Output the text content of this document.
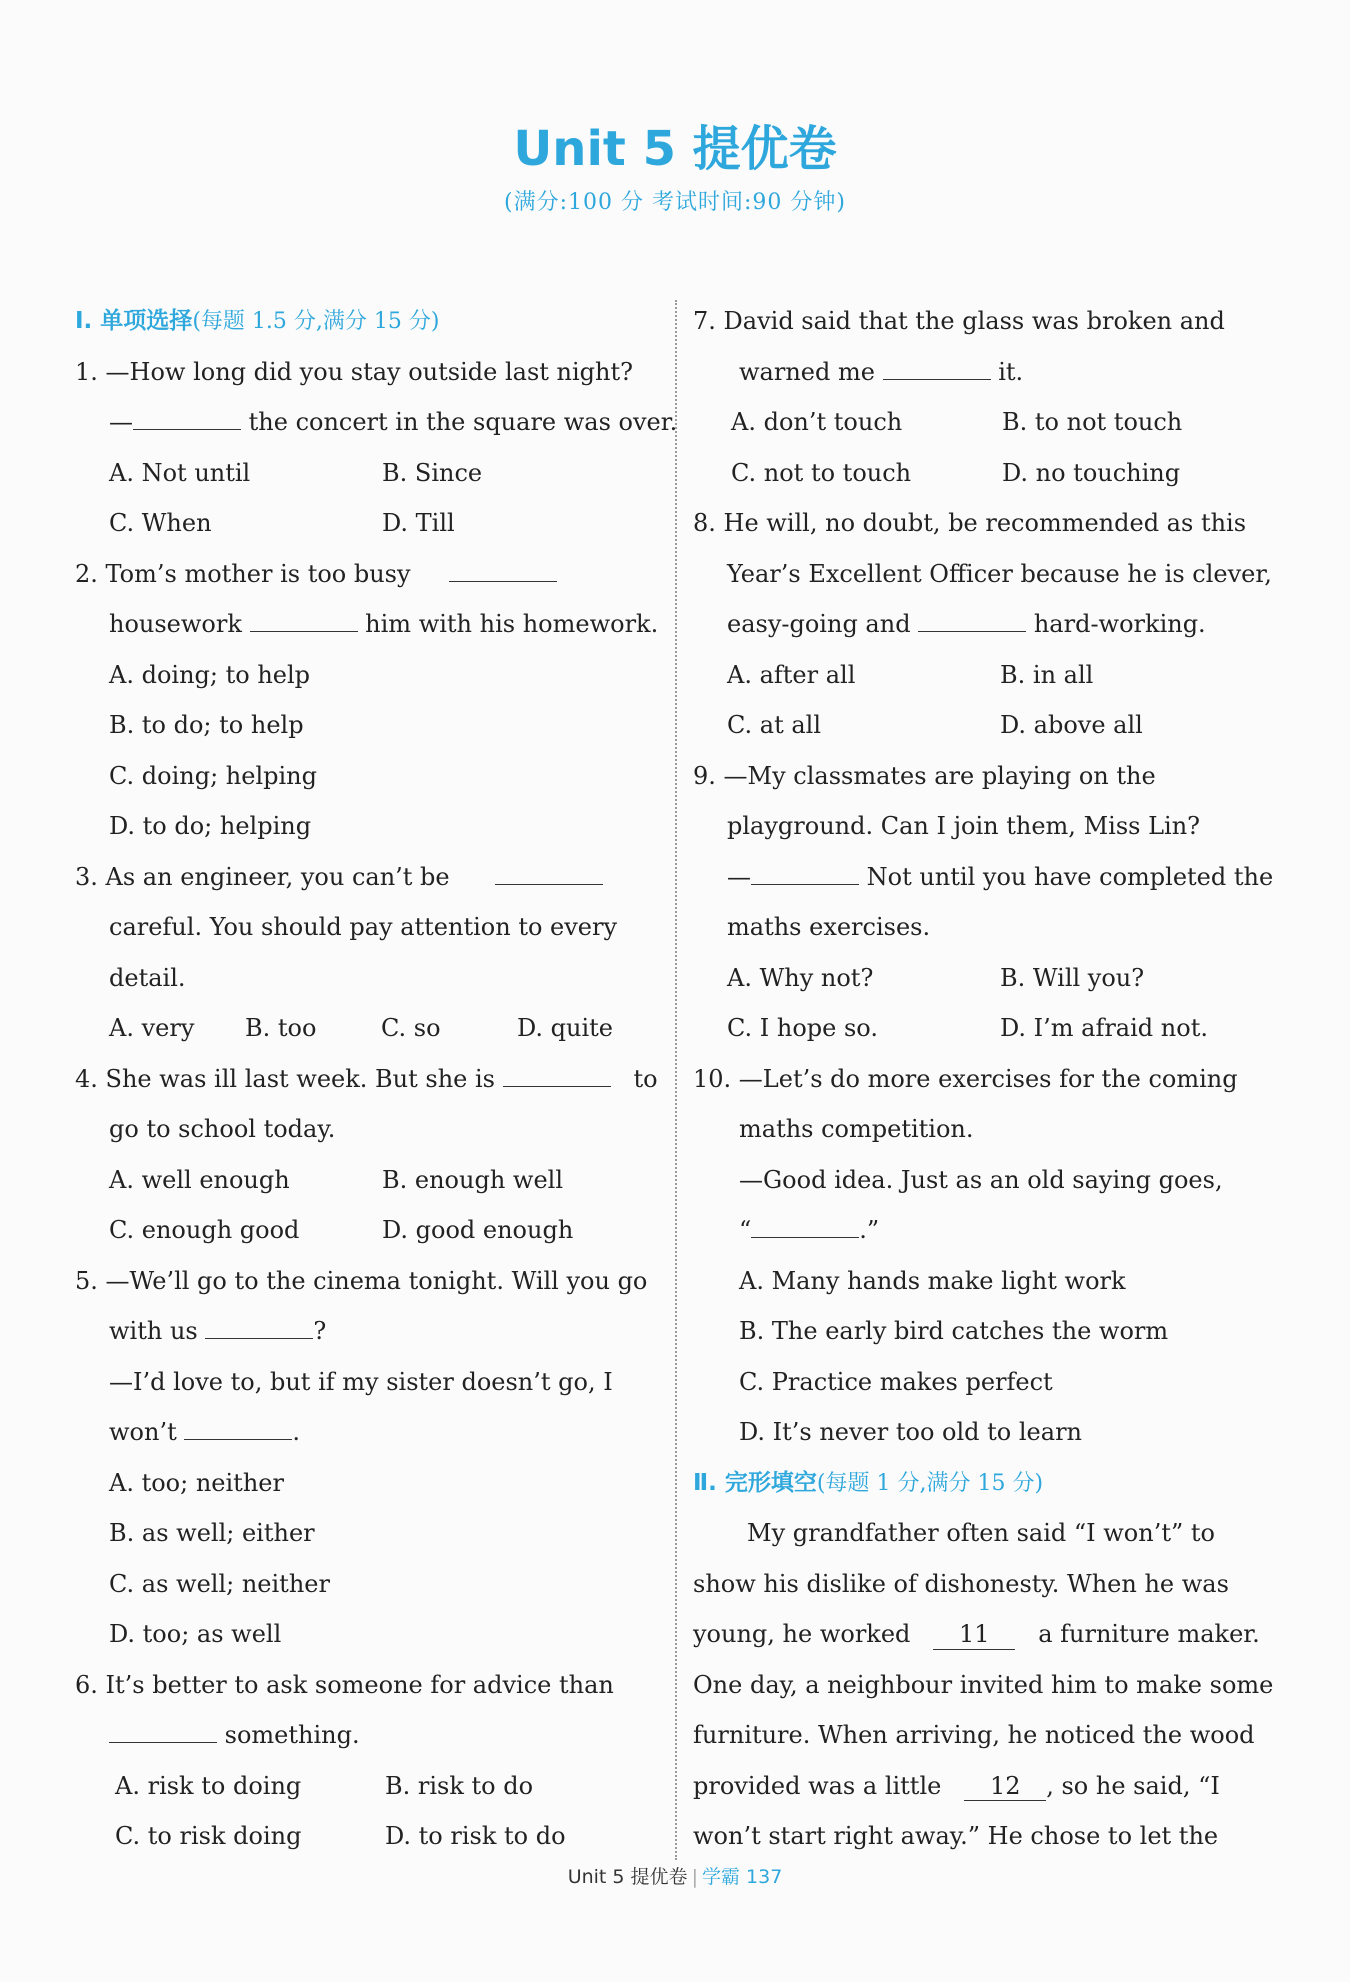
Unit 5 提优卷
(满分:100 分 考试时间:90 分钟)
Ⅰ. 单项选择(每题 1.5 分,满分 15 分)
1. —How long did you stay outside last night?
—	the concert in the square was over.
A. Not until	B. Since
C. When	D. Till
2. Tom’s mother is too busy
housework	him with his homework.
A. doing; to help
B. to do; to help
C. doing; helping
D. to do; helping
3. As an engineer, you can’t be
careful. You should pay attention to every
detail.
A. very	B. too	C. so	D. quite
4. She was ill last week. But she is	to
go to school today.
A. well enough	B. enough well
C. enough good	D. good enough
5. —We’ll go to the cinema tonight. Will you go
with us	?
—I’d love to, but if my sister doesn’t go, I
won’t	.
A. too; neither
B. as well; either
C. as well; neither
D. too; as well
6. It’s better to ask someone for advice than
something.
A. risk to doing	B. risk to do
C. to risk doing	D. to risk to do
7. David said that the glass was broken and
warned me	it.
A. don’t touch	B. to not touch
C. not to touch	D. no touching
8. He will, no doubt, be recommended as this
Year’s Excellent Officer because he is clever,
easy-going and	hard-working.
A. after all	B. in all
C. at all	D. above all
9. —My classmates are playing on the
playground. Can I join them, Miss Lin?
—	Not until you have completed the
maths exercises.
A. Why not?	B. Will you?
C. I hope so.	D. I’m afraid not.
10. —Let’s do more exercises for the coming
maths competition.
—Good idea. Just as an old saying goes,
“	.”
A. Many hands make light work
B. The early bird catches the worm
C. Practice makes perfect
D. It’s never too old to learn
Ⅱ. 完形填空(每题 1 分,满分 15 分)
My grandfather often said “I won’t” to
show his dislike of dishonesty. When he was
young, he worked 11 a furniture maker.
One day, a neighbour invited him to make some
furniture. When arriving, he noticed the wood
provided was a little 12 , so he said, “I
won’t start right away.” He chose to let the
Unit 5 提优卷 | 学霸 137
